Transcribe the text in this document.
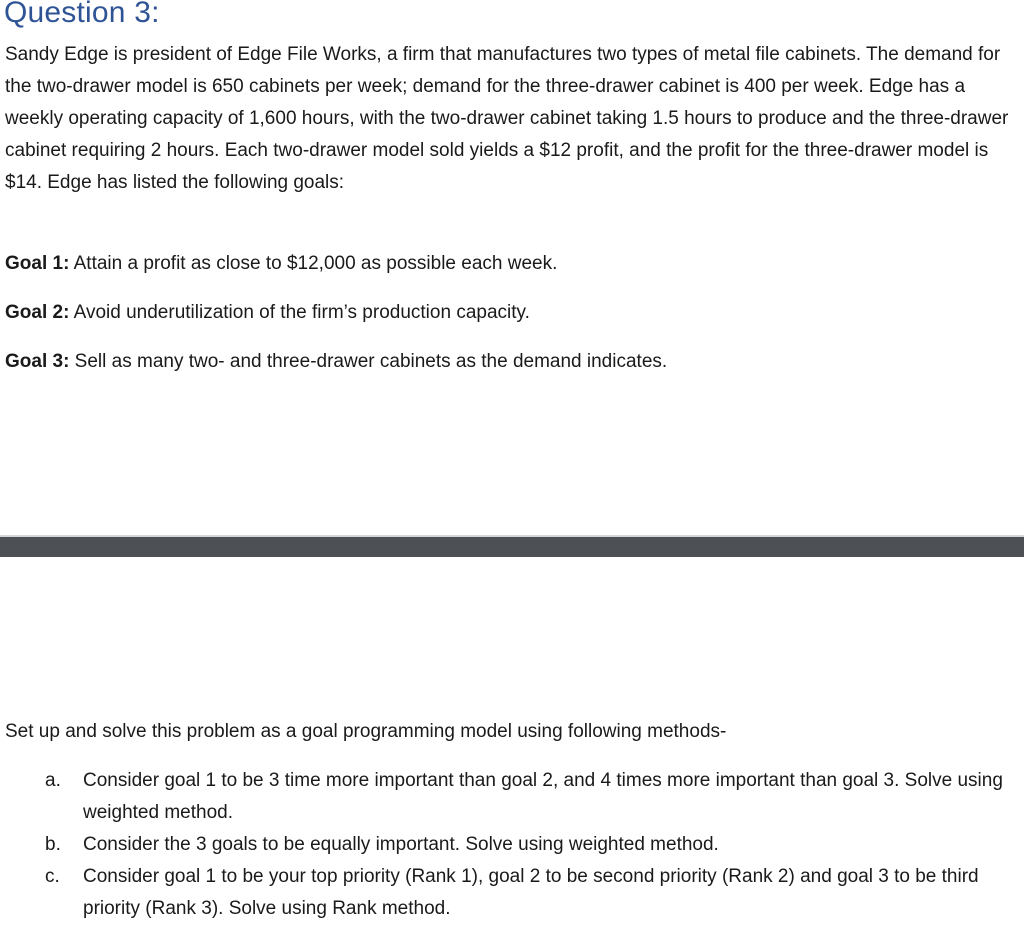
Question 3:

Sandy Edge is president of Edge File Works, a firm that manufactures two types of metal file cabinets. The demand for the two-drawer model is 650 cabinets per week; demand for the three-drawer cabinet is 400 per week. Edge has a weekly operating capacity of 1,600 hours, with the two-drawer cabinet taking 1.5 hours to produce and the three-drawer cabinet requiring 2 hours. Each two-drawer model sold yields a $12 profit, and the profit for the three-drawer model is $14. Edge has listed the following goals:

Goal 1: Attain a profit as close to $12,000 as possible each week.

Goal 2: Avoid underutilization of the firm’s production capacity.

Goal 3: Sell as many two- and three-drawer cabinets as the demand indicates.

Set up and solve this problem as a goal programming model using following methods-

a. Consider goal 1 to be 3 time more important than goal 2, and 4 times more important than goal 3. Solve using weighted method.
b. Consider the 3 goals to be equally important. Solve using weighted method.
c. Consider goal 1 to be your top priority (Rank 1), goal 2 to be second priority (Rank 2) and goal 3 to be third priority (Rank 3). Solve using Rank method.
